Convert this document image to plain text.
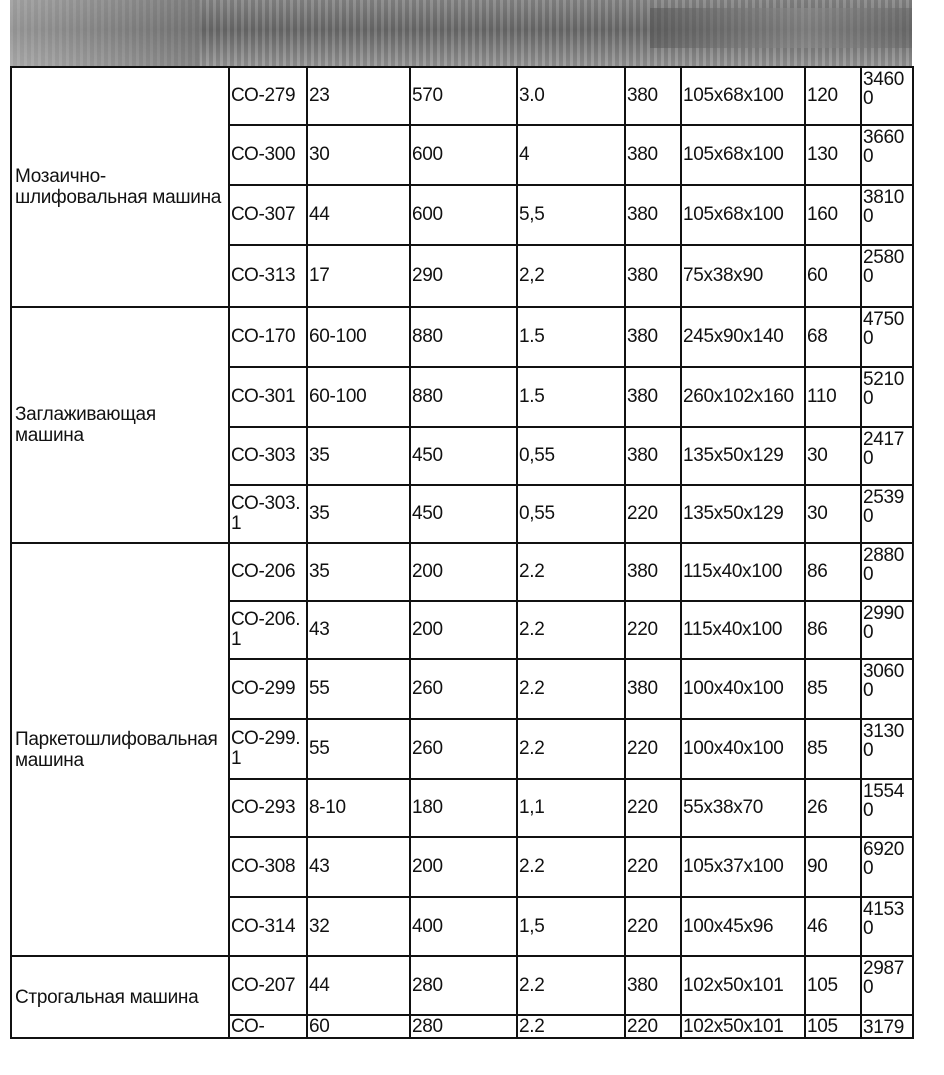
Мозаично-шлифовальная машина	СО-279	23	570	3.0	380	105x68x100	120	34600
	СО-300	30	600	4	380	105x68x100	130	36600
	СО-307	44	600	5,5	380	105x68x100	160	38100
	СО-313	17	290	2,2	380	75x38x90	60	25800
Заглаживающая машина	СО-170	60-100	880	1.5	380	245x90x140	68	47500
	СО-301	60-100	880	1.5	380	260x102x160	110	52100
	СО-303	35	450	0,55	380	135x50x129	30	24170
	СО-303.1	35	450	0,55	220	135x50x129	30	25390
Паркетошлифовальная машина	СО-206	35	200	2.2	380	115x40x100	86	28800
	СО-206.1	43	200	2.2	220	115x40x100	86	29900
	СО-299	55	260	2.2	380	100x40x100	85	30600
	СО-299.1	55	260	2.2	220	100x40x100	85	31300
	СО-293	8-10	180	1,1	220	55x38x70	26	15540
	СО-308	43	200	2.2	220	105x37x100	90	69200
	СО-314	32	400	1,5	220	100x45x96	46	41530
Строгальная машина	СО-207	44	280	2.2	380	102x50x101	105	29870
	СО-	60	280	2.2	220	102x50x101	105	3179
